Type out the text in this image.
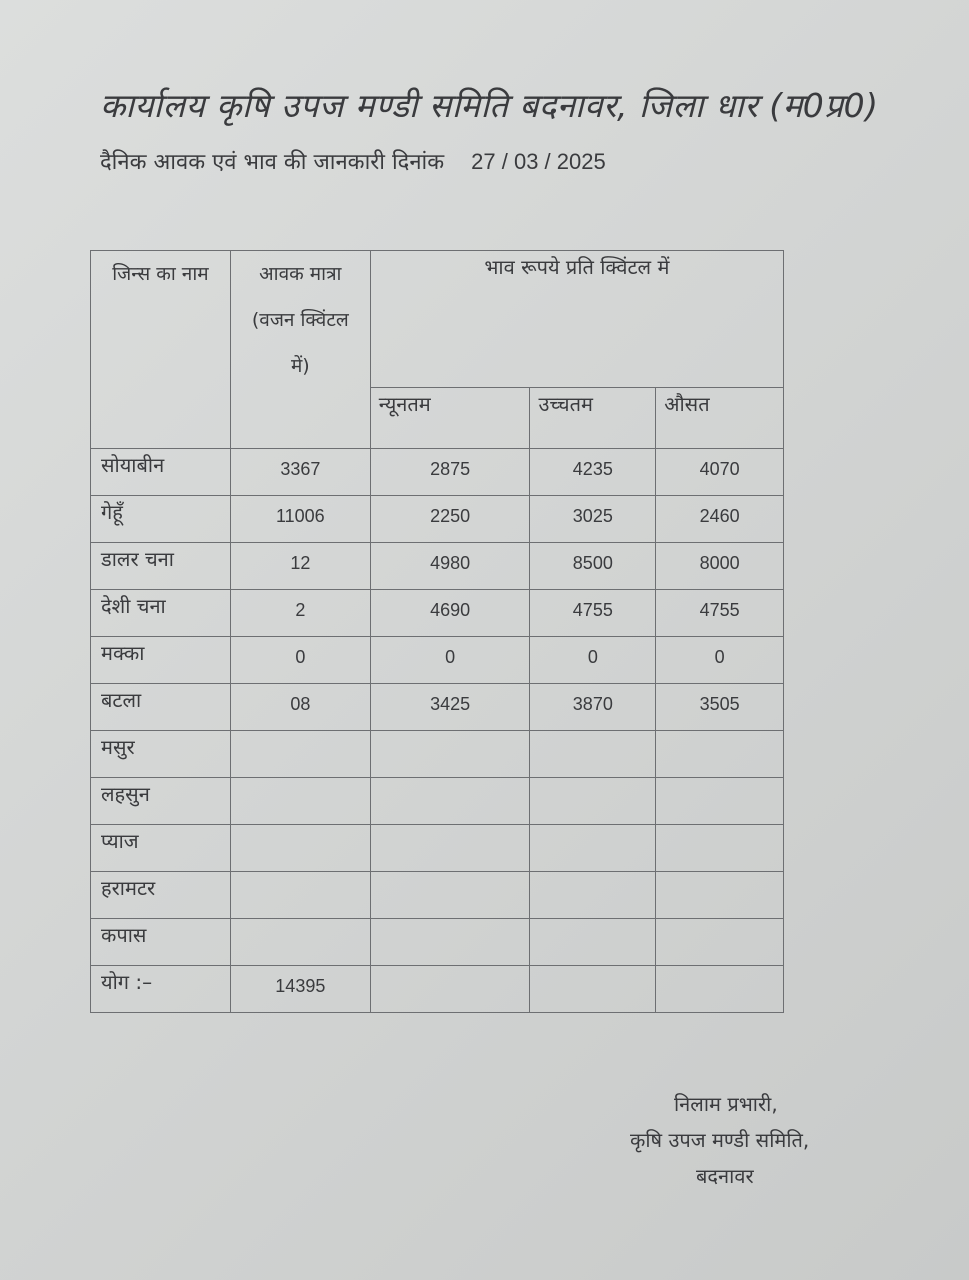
कार्यालय कृषि उपज मण्डी समिति बदनावर, जिला धार (म0प्र0)
दैनिक आवक एवं भाव की जानकारी दिनांक 27 / 03 / 2025
जिन्स का नाम	आवक मात्रा (वजन क्विंटल में)	भाव रूपये प्रति क्विंटल में		
		न्यूनतम	उच्चतम	औसत
सोयाबीन	3367	2875	4235	4070
गेहूँ	11006	2250	3025	2460
डालर चना	12	4980	8500	8000
देशी चना	2	4690	4755	4755
मक्का	0	0	0	0
बटला	08	3425	3870	3505
मसुर				
लहसुन				
प्याज				
हरामटर				
कपास				
योग :–	14395			
निलाम प्रभारी,
कृषि उपज मण्डी समिति,
बदनावर
